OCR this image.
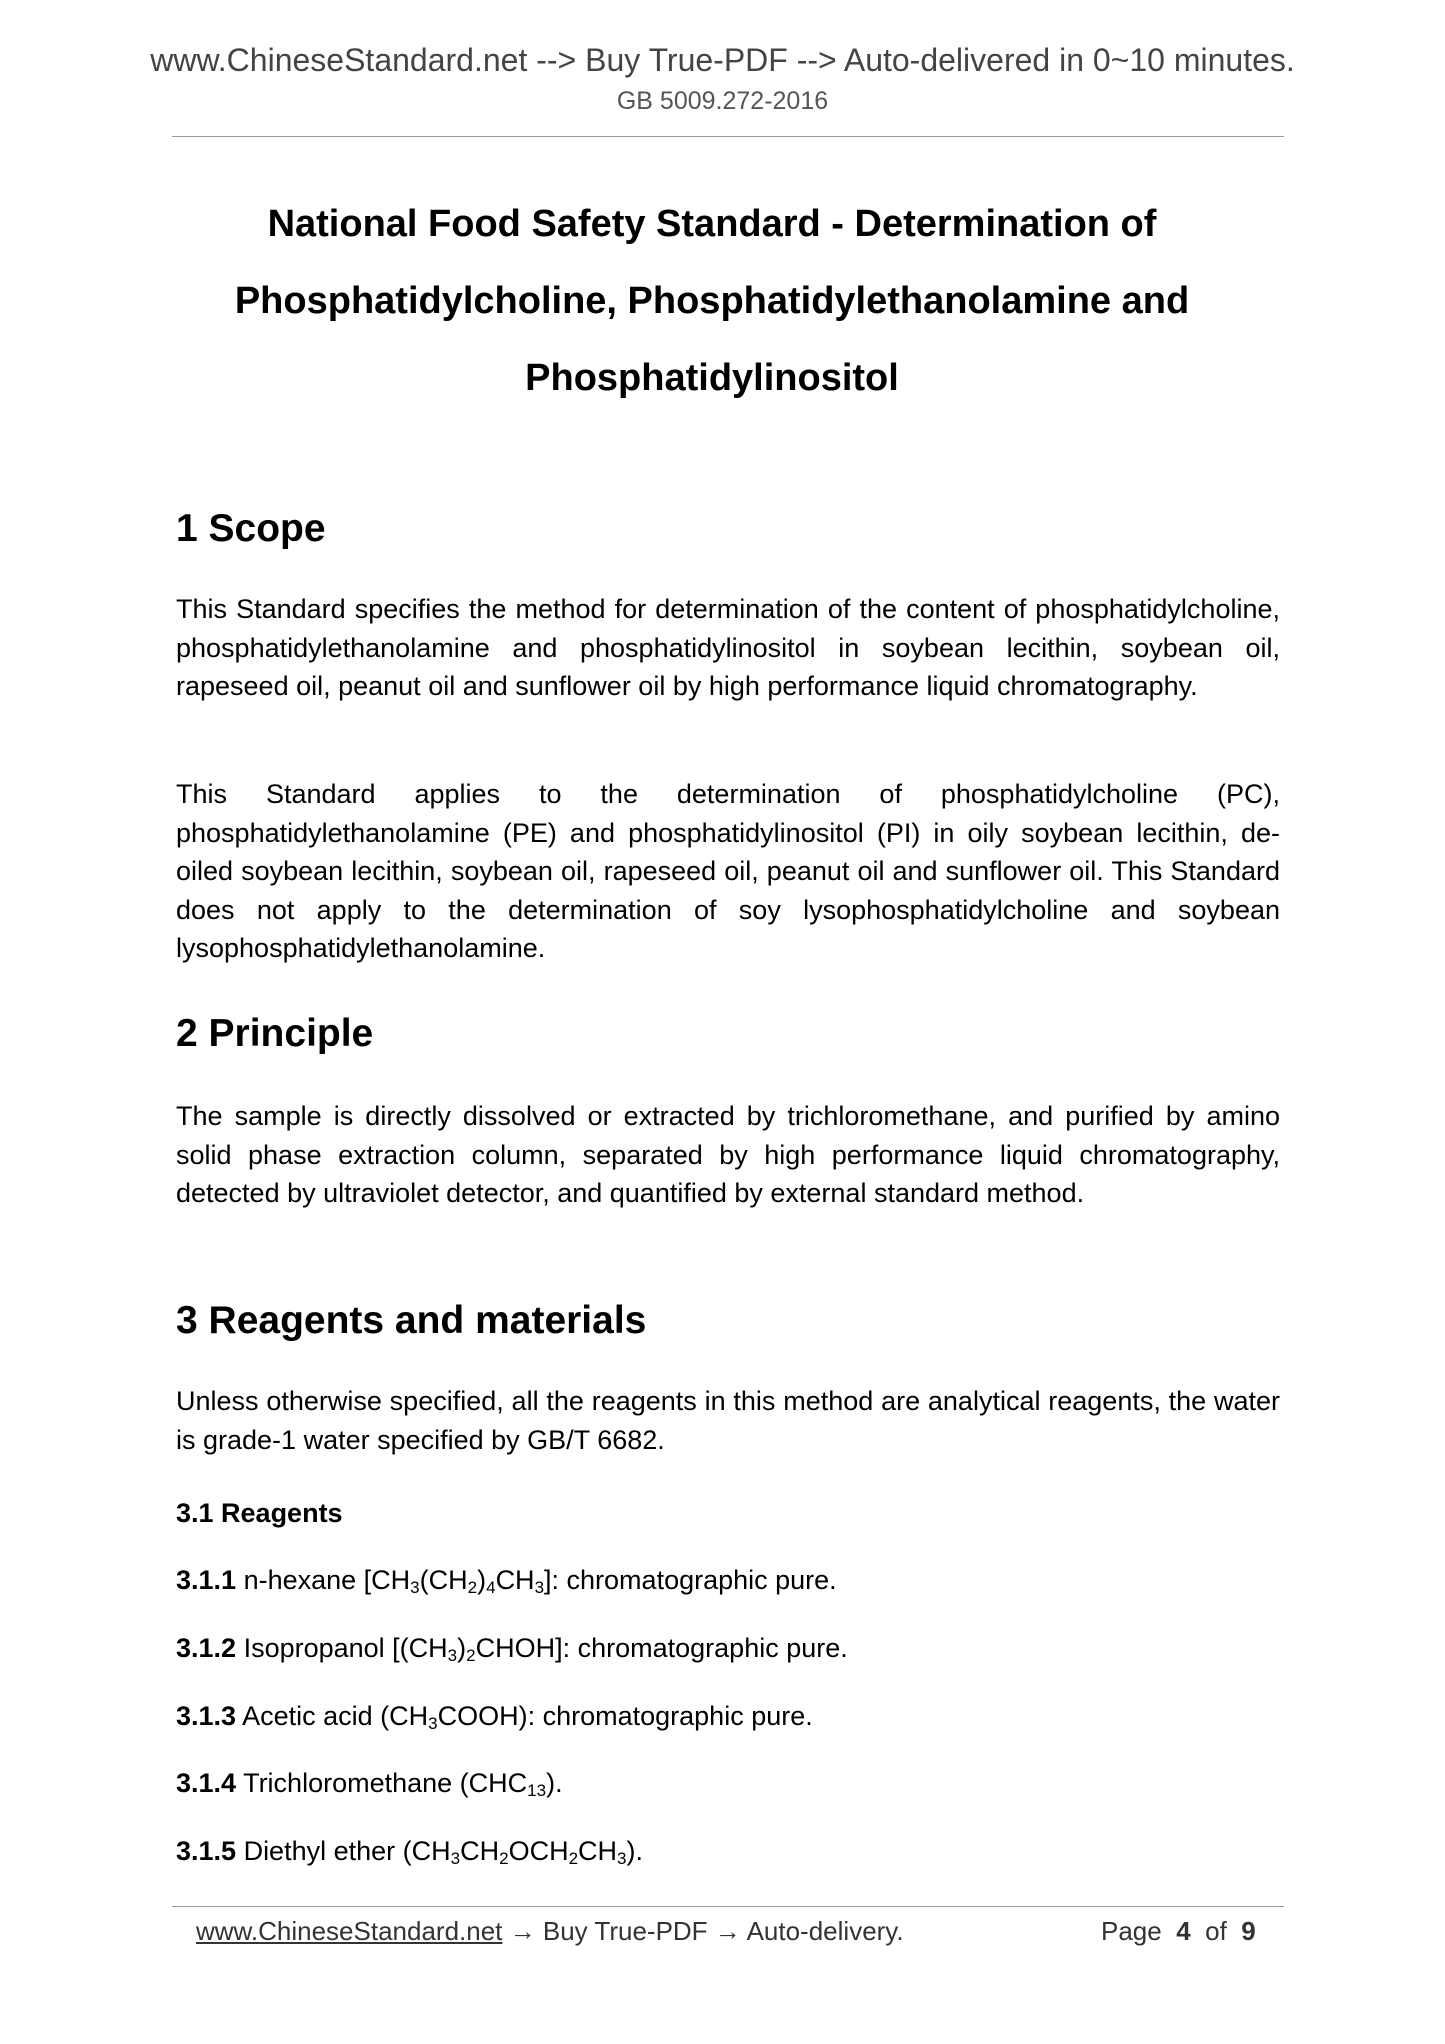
www.ChineseStandard.net --> Buy True-PDF --> Auto-delivered in 0~10 minutes.
GB 5009.272-2016
National Food Safety Standard - Determination of
Phosphatidylcholine, Phosphatidylethanolamine and
Phosphatidylinositol
1 Scope
This Standard specifies the method for determination of the content of phosphatidylcholine, phosphatidylethanolamine and phosphatidylinositol in soybean lecithin, soybean oil, rapeseed oil, peanut oil and sunflower oil by high performance liquid chromatography.
This Standard applies to the determination of phosphatidylcholine (PC), phosphatidylethanolamine (PE) and phosphatidylinositol (PI) in oily soybean lecithin, de-oiled soybean lecithin, soybean oil, rapeseed oil, peanut oil and sunflower oil. This Standard does not apply to the determination of soy lysophosphatidylcholine and soybean lysophosphatidylethanolamine.
2 Principle
The sample is directly dissolved or extracted by trichloromethane, and purified by amino solid phase extraction column, separated by high performance liquid chromatography, detected by ultraviolet detector, and quantified by external standard method.
3 Reagents and materials
Unless otherwise specified, all the reagents in this method are analytical reagents, the water is grade-1 water specified by GB/T 6682.
3.1 Reagents
3.1.1 n-hexane $[CH_3(CH_2)_4CH_3]$: chromatographic pure.
3.1.2 Isopropanol $[(CH_3)_2CHOH]$: chromatographic pure.
3.1.3 Acetic acid $(CH_3COOH)$: chromatographic pure.
3.1.4 Trichloromethane $(CHC_{13})$.
3.1.5 Diethyl ether $(CH_3CH_2OCH_2CH_3)$.
www.ChineseStandard.net → Buy True-PDF → Auto-delivery.	Page 4 of 9
